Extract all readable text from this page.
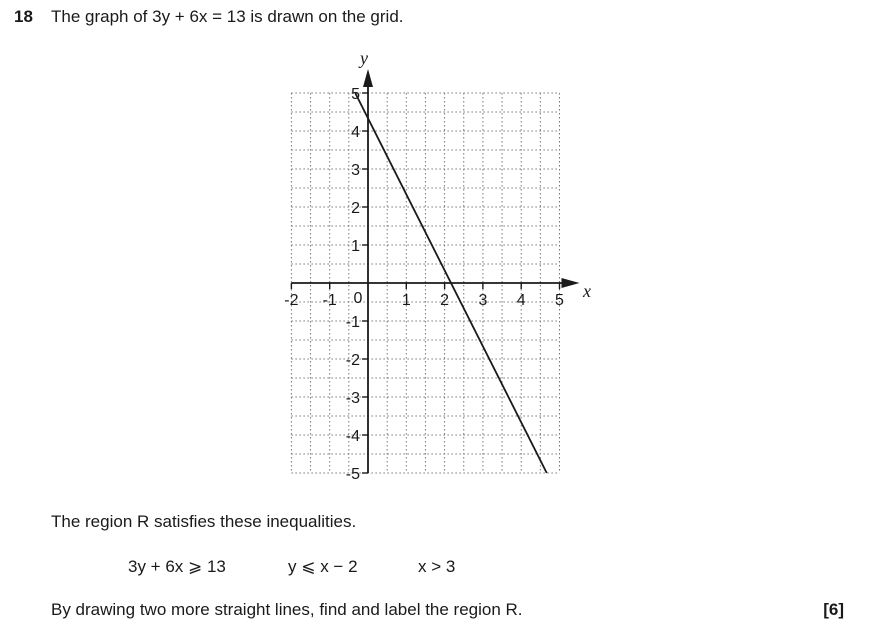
18 The graph of 3y + 6x = 13 is drawn on the grid.
-2 -1	1 2 3 4 5
0
5
4
3
2
1
-1
-2
-3
-4
-5
x
y
The region R satisfies these inequalities.
3y + 6x ⩾ 13	y ⩽ x − 2	x > 3
By drawing two more straight lines, find and label the region R.	[6]
